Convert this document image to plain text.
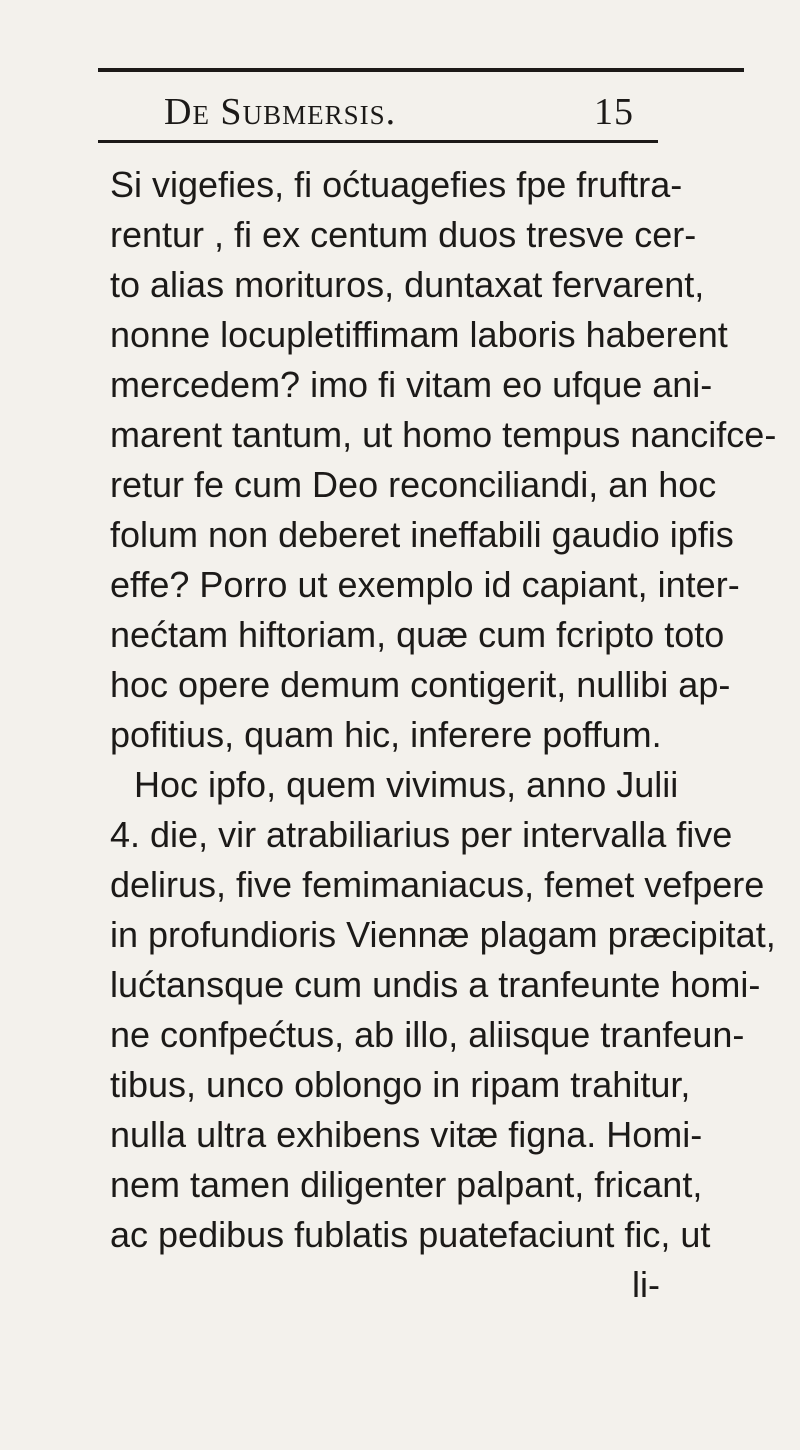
De Submersis.	15
Si vigefies, fi oćtuagefies fpe fruftra-
rentur , fi ex centum duos tresve cer-
to alias morituros, duntaxat fervarent,
nonne locupletiffimam laboris haberent
mercedem? imo fi vitam eo ufque ani-
marent tantum, ut homo tempus nancifce-
retur fe cum Deo reconciliandi, an hoc
folum non deberet ineffabili gaudio ipfis
effe? Porro ut exemplo id capiant, inter-
nećtam hiftoriam, quæ cum fcripto toto
hoc opere demum contigerit, nullibi ap-
pofitius, quam hic, inferere poffum.
Hoc ipfo, quem vivimus, anno Julii
4. die, vir atrabiliarius per intervalla five
delirus, five femimaniacus, femet vefpere
in profundioris Viennæ plagam præcipitat,
lućtansque cum undis a tranfeunte homi-
ne confpećtus, ab illo, aliisque tranfeun-
tibus, unco oblongo in ripam trahitur,
nulla ultra exhibens vitæ figna. Homi-
nem tamen diligenter palpant, fricant,
ac pedibus fublatis puatefaciunt fic, ut
li-
